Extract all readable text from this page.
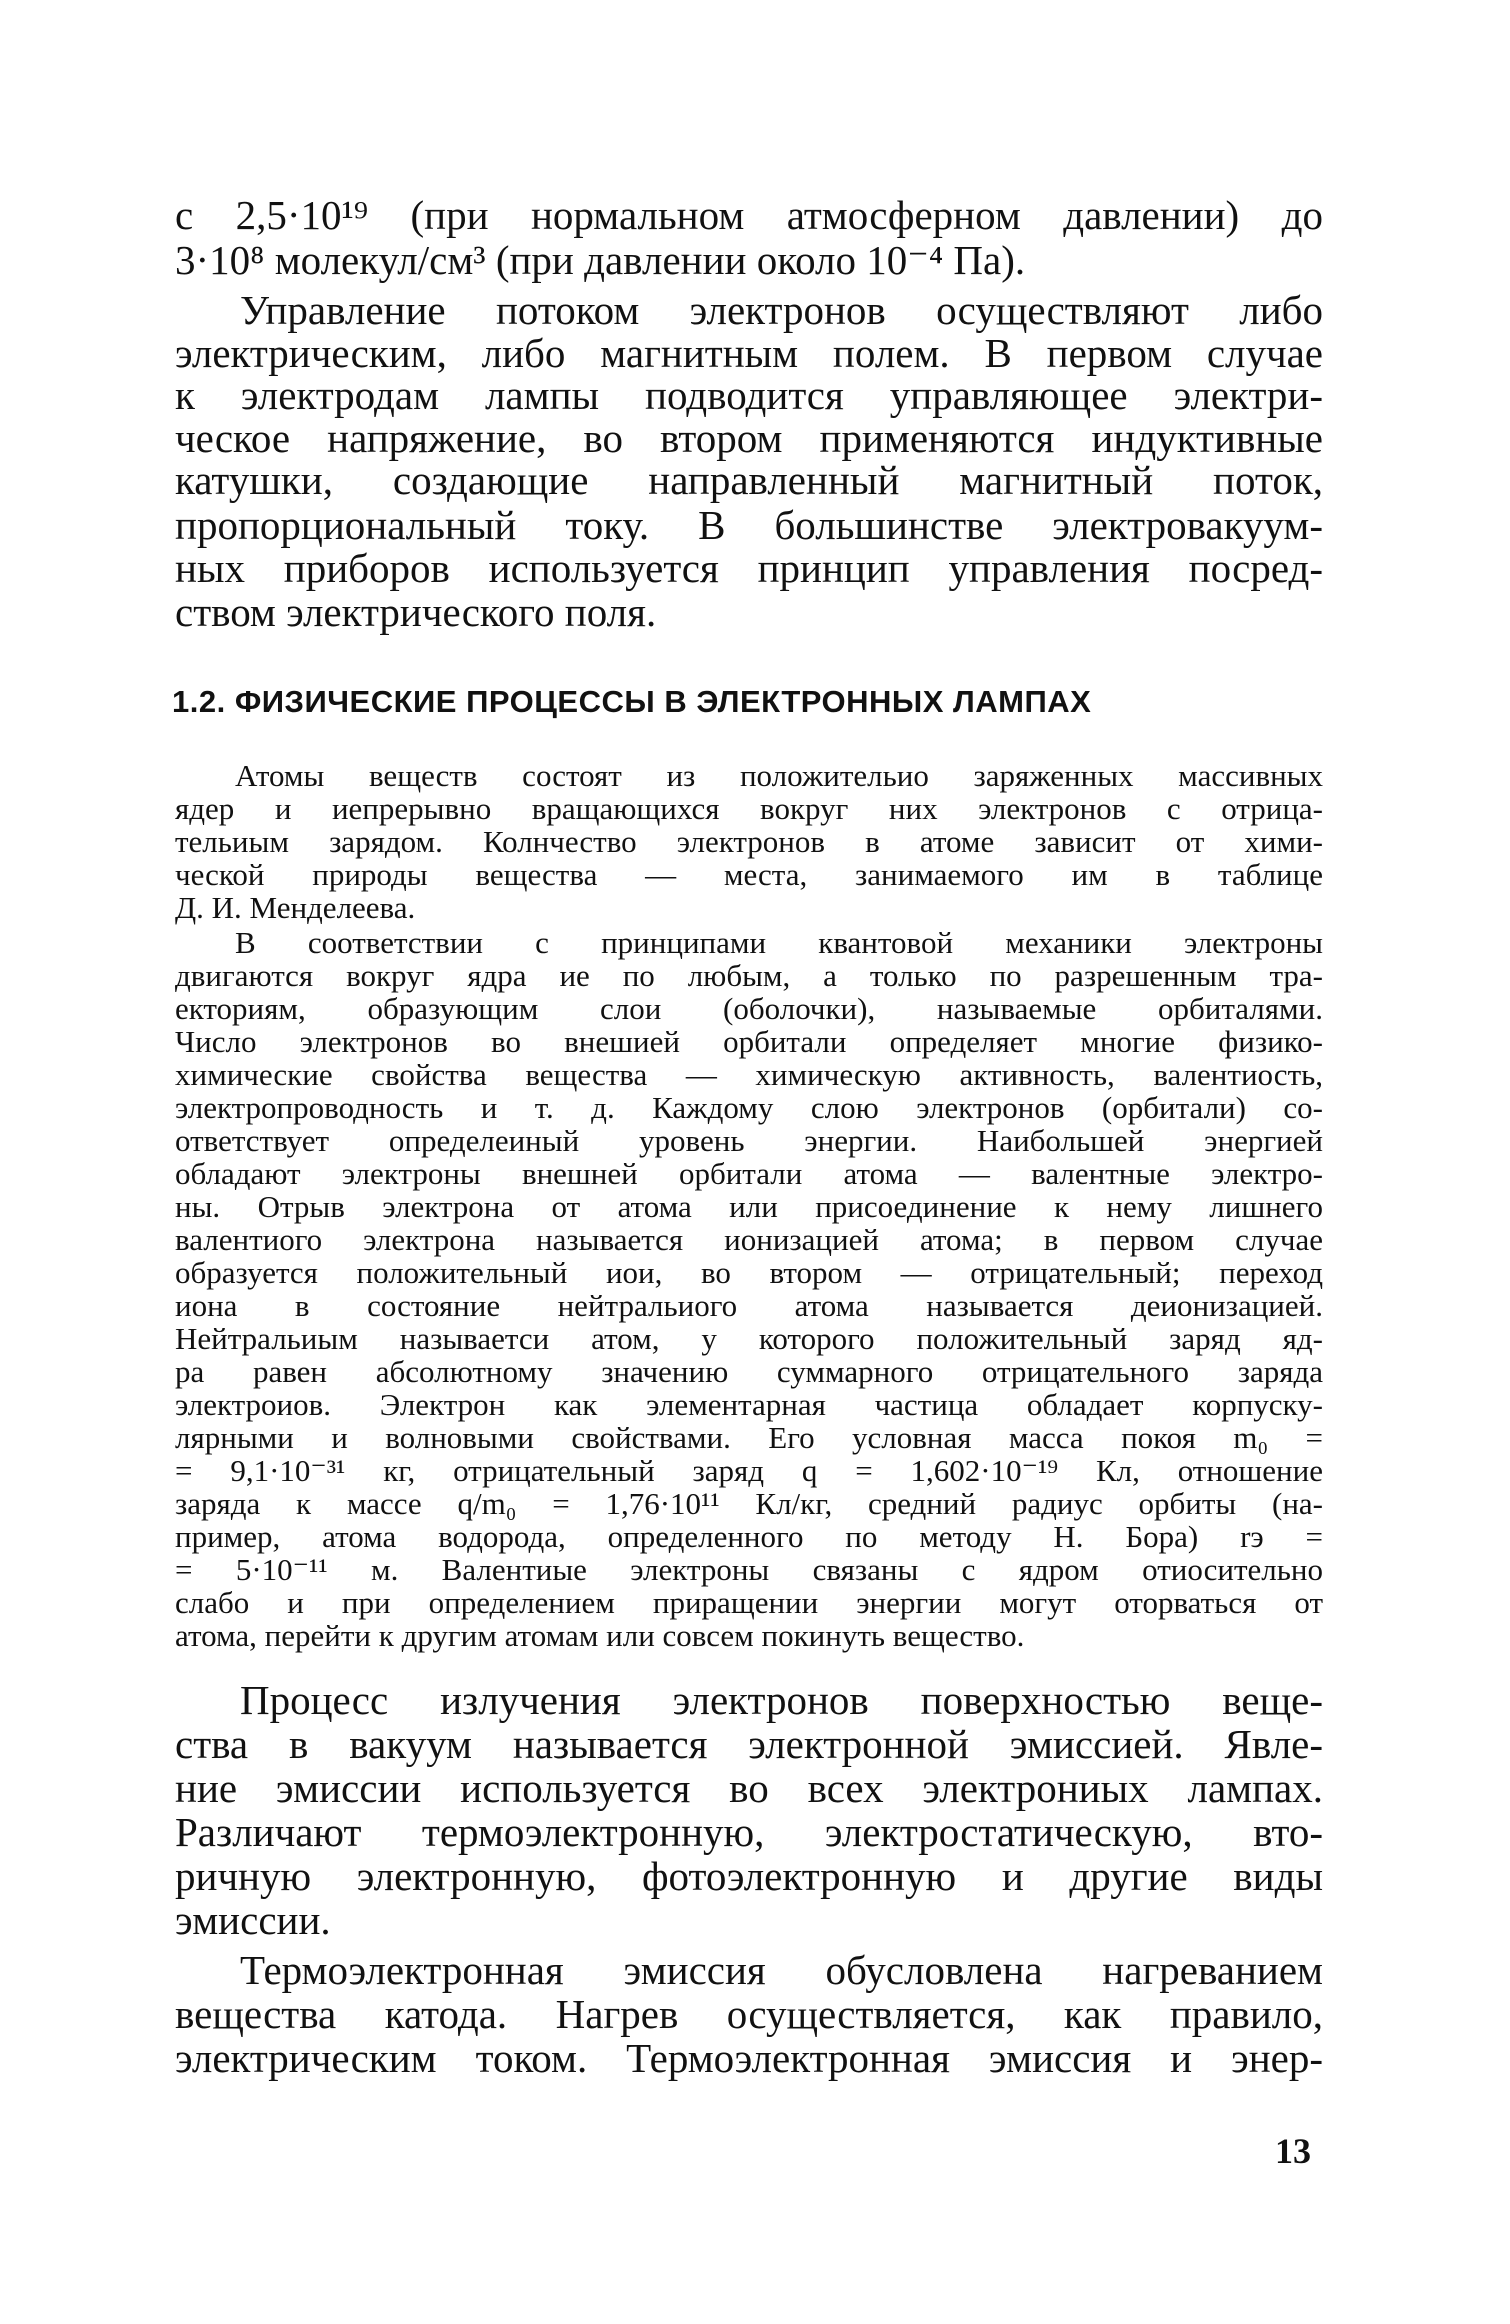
с 2,5·10¹⁹ (при нормальном атмосферном давлении) до
3·10⁸ молекул/см³ (при давлении около 10⁻⁴ Па).
Управление потоком электронов осуществляют либо
электрическим, либо магнитным полем. В первом случае
к электродам лампы подводится управляющее электри-
ческое напряжение, во втором применяются индуктивные
катушки, создающие направленный магнитный поток,
пропорциональный току. В большинстве электровакуум-
ных приборов используется принцип управления посред-
ством электрического поля.
Атомы веществ состоят из положительио заряженных массивных
ядер и иепрерывно вращающихся вокруг них электронов с отрица-
тельиым зарядом. Колнчество электронов в атоме зависит от хими-
ческой природы вещества — места, занимаемого им в таблице
Д. И. Менделеева.
В соответствии с принципами квантовой механики электроны
двигаются вокруг ядра ие по любым, а только по разрешенным тра-
екториям, образующим слои (оболочки), называемые орбиталями.
Число электронов во внешией орбитали определяет многие физико-
химические свойства вещества — химическую активность, валентиость,
электропроводность и т. д. Каждому слою электронов (орбитали) со-
ответствует определеиный уровень энергии. Наибольшей энергией
обладают электроны внешней орбитали атома — валентные электро-
ны. Отрыв электрона от атома или присоединение к нему лишнего
валентиого электрона называется ионизацией атома; в первом случае
образуется положительный иои, во втором — отрицательный; переход
иона в состояние нейтральиого атома называется деионизацией.
Нейтральиым называетси атом, у которого положительный заряд яд-
ра равен абсолютному значению суммарного отрицательного заряда
электроиов. Электрон как элементарная частица обладает корпуску-
лярными и волновыми свойствами. Его условная масса покоя m₀ =
= 9,1·10⁻³¹ кг, отрицательный заряд q = 1,602·10⁻¹⁹ Кл, отношение
заряда к массе q/m₀ = 1,76·10¹¹ Кл/кг, средний радиус орбиты (на-
пример, атома водорода, определенного по методу Н. Бора) rэ =
= 5·10⁻¹¹ м. Валентиые электроны связаны с ядром отиосительно
слабо и при определением приращении энергии могут оторваться от
атома, перейти к другим атомам или совсем покинуть вещество.
Процесс излучения электронов поверхностью веще-
ства в вакуум называется электронной эмиссией. Явле-
ние эмиссии используется во всех электрониых лампах.
Различают термоэлектронную, электростатическую, вто-
ричную электронную, фотоэлектронную и другие виды
эмиссии.
Термоэлектронная эмиссия обусловлена нагреванием
вещества катода. Нагрев осуществляется, как правило,
электрическим током. Термоэлектронная эмиссия и энер-
1.2. ФИЗИЧЕСКИЕ ПРОЦЕССЫ В ЭЛЕКТРОННЫХ ЛАМПАХ
13
